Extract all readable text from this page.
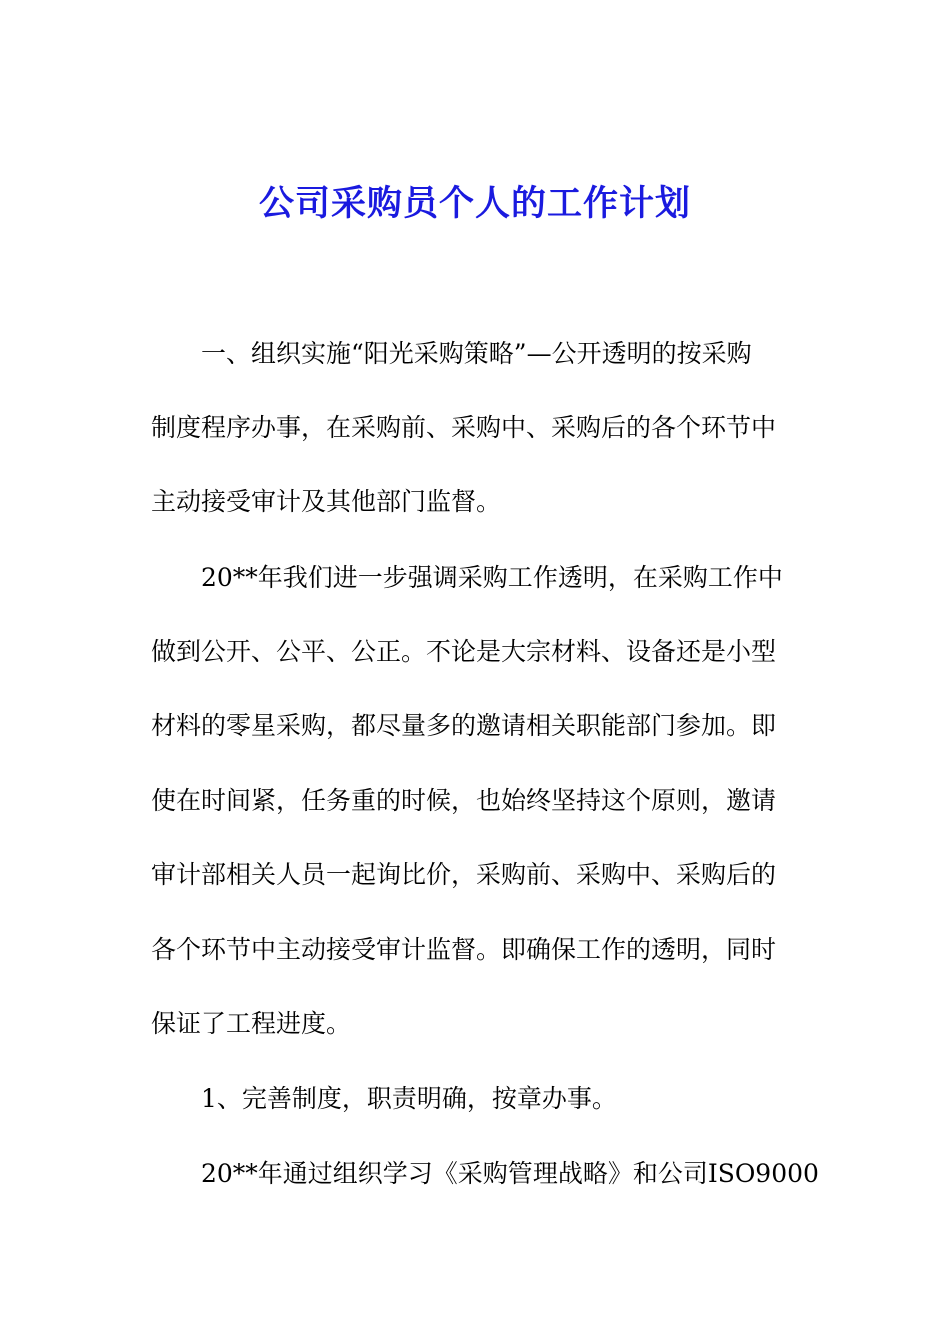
公司采购员个人的工作计划
一、组织实施“阳光采购策略”—公开透明的按采购
制度程序办事，在采购前、采购中、采购后的各个环节中
主动接受审计及其他部门监督。
20**年我们进一步强调采购工作透明，在采购工作中
做到公开、公平、公正。不论是大宗材料、设备还是小型
材料的零星采购，都尽量多的邀请相关职能部门参加。即
使在时间紧，任务重的时候，也始终坚持这个原则，邀请
审计部相关人员一起询比价，采购前、采购中、采购后的
各个环节中主动接受审计监督。即确保工作的透明，同时
保证了工程进度。
1、完善制度，职责明确，按章办事。
20**年通过组织学习《采购管理战略》和公司ISO9000
